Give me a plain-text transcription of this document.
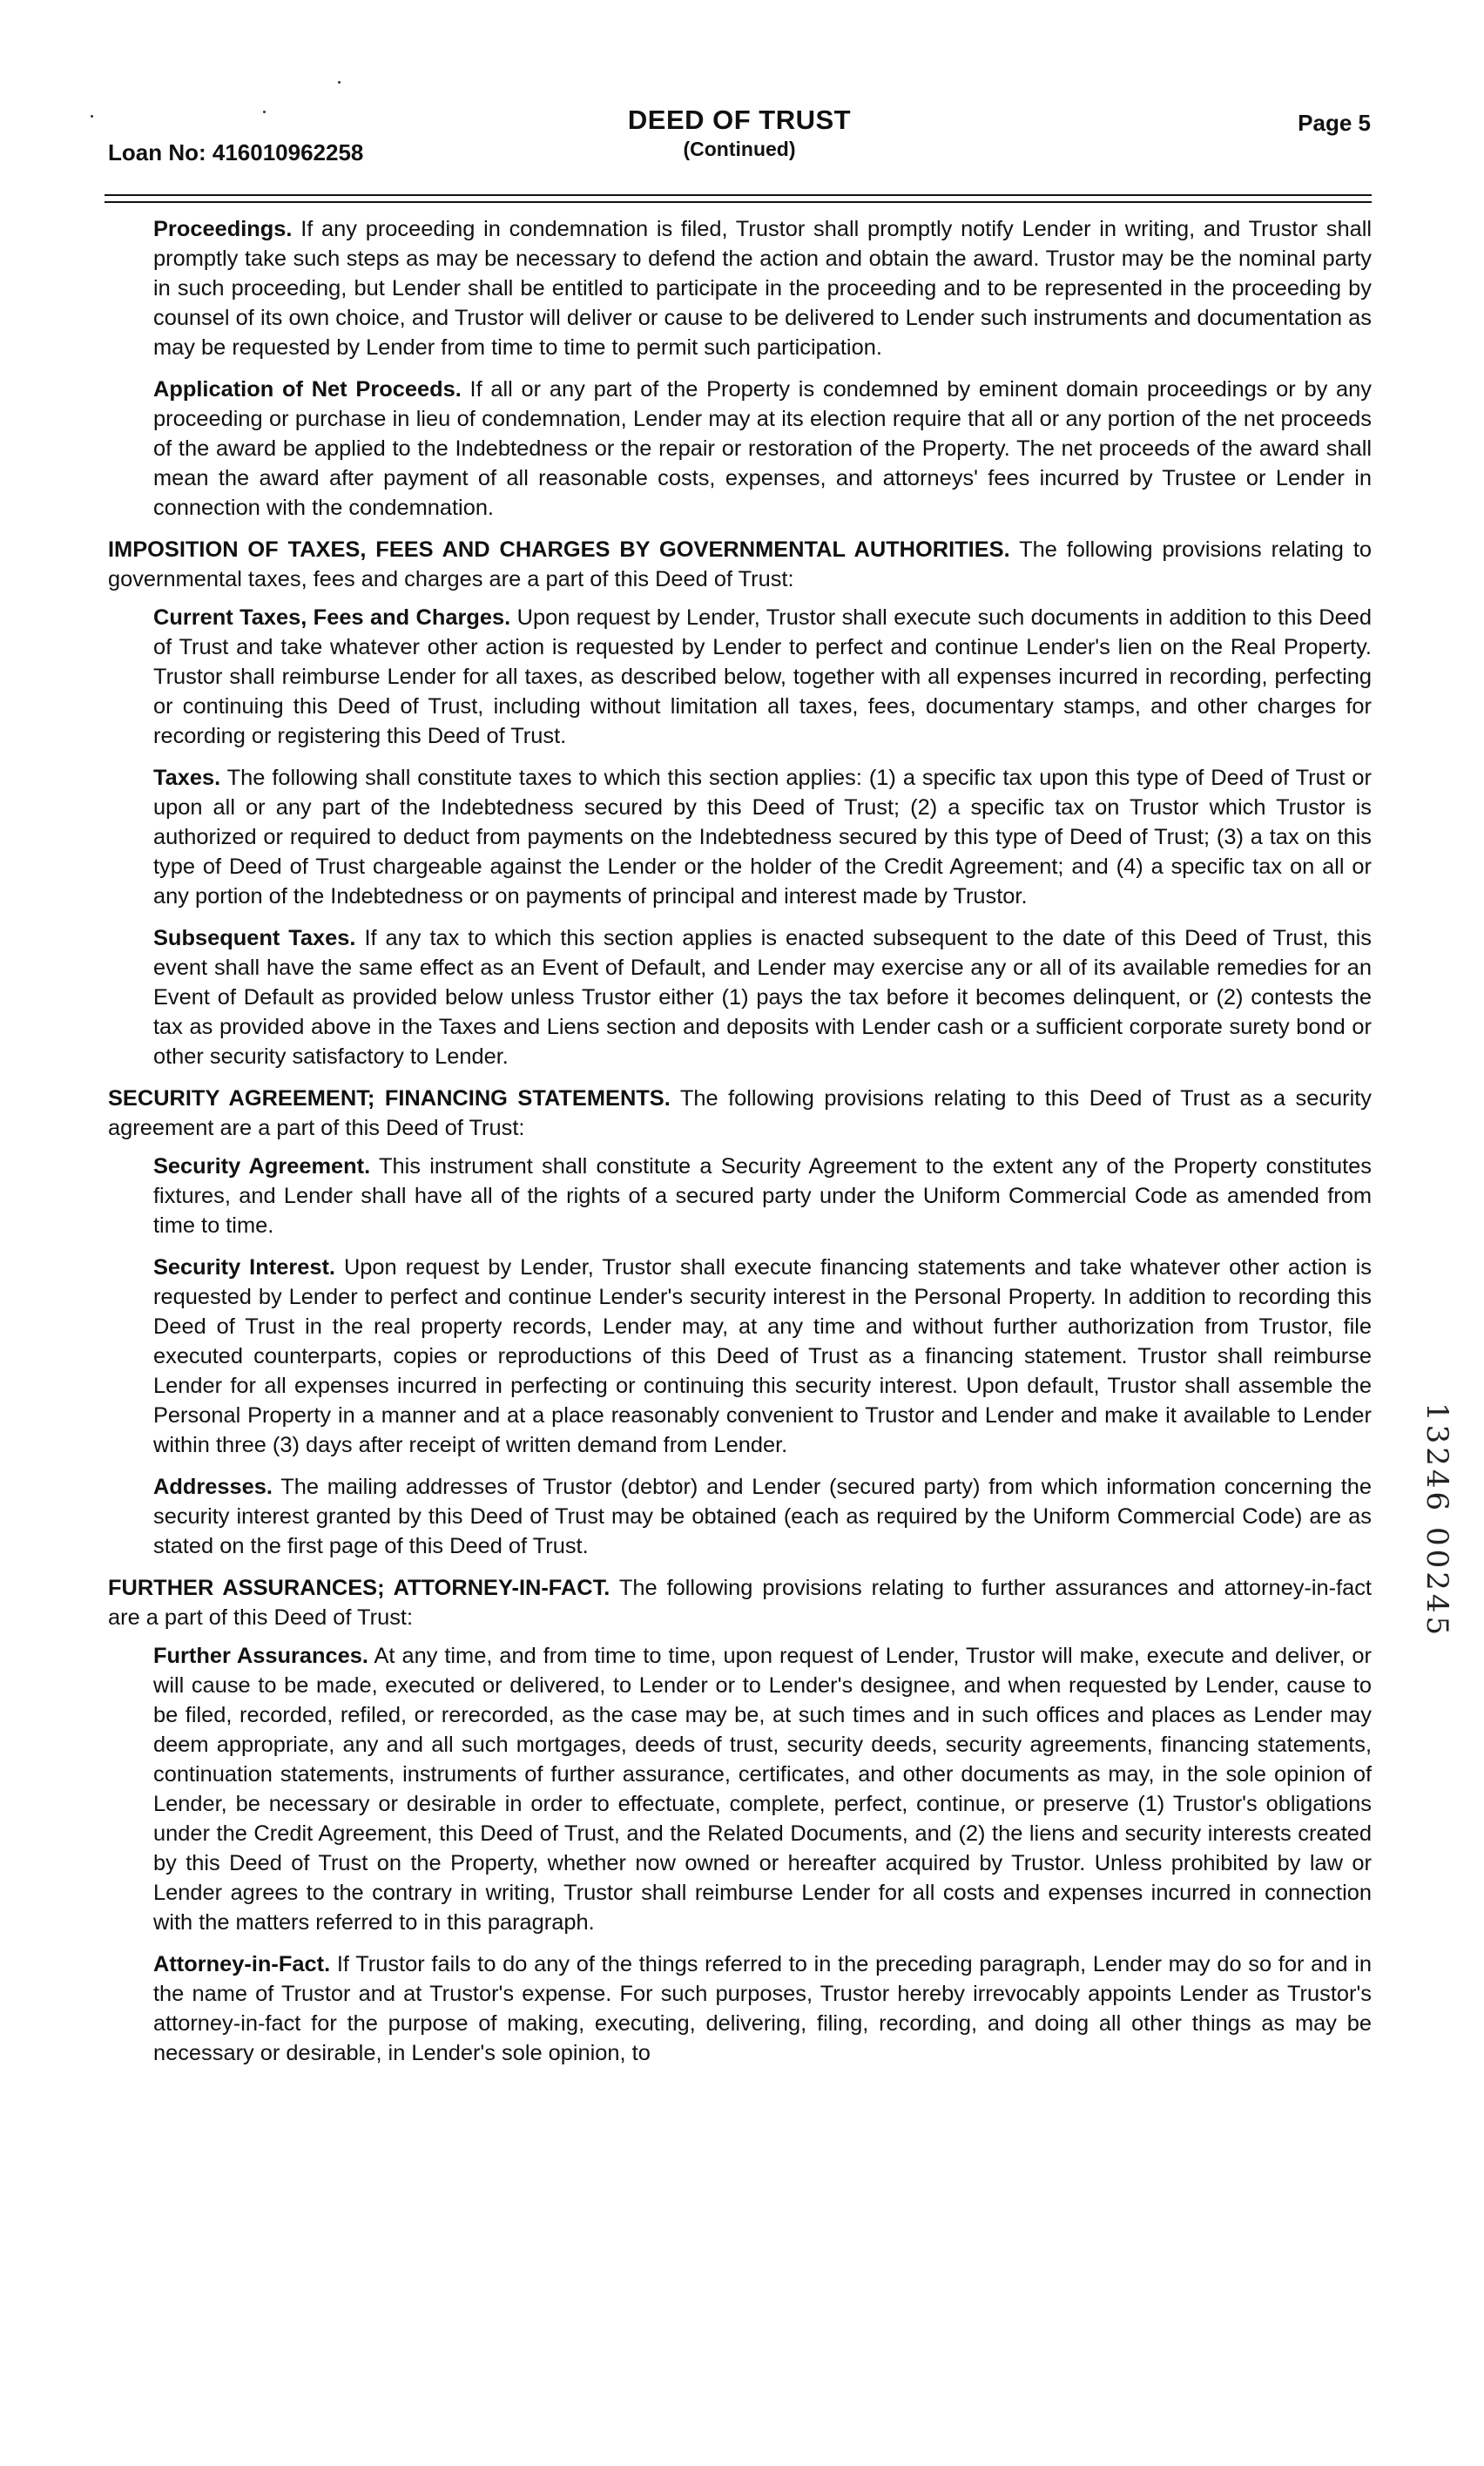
Loan No: 416010962258
DEED OF TRUST
(Continued)
Page 5

Proceedings. If any proceeding in condemnation is filed, Trustor shall promptly notify Lender in writing, and Trustor shall promptly take such steps as may be necessary to defend the action and obtain the award. Trustor may be the nominal party in such proceeding, but Lender shall be entitled to participate in the proceeding and to be represented in the proceeding by counsel of its own choice, and Trustor will deliver or cause to be delivered to Lender such instruments and documentation as may be requested by Lender from time to time to permit such participation.

Application of Net Proceeds. If all or any part of the Property is condemned by eminent domain proceedings or by any proceeding or purchase in lieu of condemnation, Lender may at its election require that all or any portion of the net proceeds of the award be applied to the Indebtedness or the repair or restoration of the Property. The net proceeds of the award shall mean the award after payment of all reasonable costs, expenses, and attorneys' fees incurred by Trustee or Lender in connection with the condemnation.

IMPOSITION OF TAXES, FEES AND CHARGES BY GOVERNMENTAL AUTHORITIES. The following provisions relating to governmental taxes, fees and charges are a part of this Deed of Trust:

Current Taxes, Fees and Charges. Upon request by Lender, Trustor shall execute such documents in addition to this Deed of Trust and take whatever other action is requested by Lender to perfect and continue Lender's lien on the Real Property. Trustor shall reimburse Lender for all taxes, as described below, together with all expenses incurred in recording, perfecting or continuing this Deed of Trust, including without limitation all taxes, fees, documentary stamps, and other charges for recording or registering this Deed of Trust.

Taxes. The following shall constitute taxes to which this section applies: (1) a specific tax upon this type of Deed of Trust or upon all or any part of the Indebtedness secured by this Deed of Trust; (2) a specific tax on Trustor which Trustor is authorized or required to deduct from payments on the Indebtedness secured by this type of Deed of Trust; (3) a tax on this type of Deed of Trust chargeable against the Lender or the holder of the Credit Agreement; and (4) a specific tax on all or any portion of the Indebtedness or on payments of principal and interest made by Trustor.

Subsequent Taxes. If any tax to which this section applies is enacted subsequent to the date of this Deed of Trust, this event shall have the same effect as an Event of Default, and Lender may exercise any or all of its available remedies for an Event of Default as provided below unless Trustor either (1) pays the tax before it becomes delinquent, or (2) contests the tax as provided above in the Taxes and Liens section and deposits with Lender cash or a sufficient corporate surety bond or other security satisfactory to Lender.

SECURITY AGREEMENT; FINANCING STATEMENTS. The following provisions relating to this Deed of Trust as a security agreement are a part of this Deed of Trust:

Security Agreement. This instrument shall constitute a Security Agreement to the extent any of the Property constitutes fixtures, and Lender shall have all of the rights of a secured party under the Uniform Commercial Code as amended from time to time.

Security Interest. Upon request by Lender, Trustor shall execute financing statements and take whatever other action is requested by Lender to perfect and continue Lender's security interest in the Personal Property. In addition to recording this Deed of Trust in the real property records, Lender may, at any time and without further authorization from Trustor, file executed counterparts, copies or reproductions of this Deed of Trust as a financing statement. Trustor shall reimburse Lender for all expenses incurred in perfecting or continuing this security interest. Upon default, Trustor shall assemble the Personal Property in a manner and at a place reasonably convenient to Trustor and Lender and make it available to Lender within three (3) days after receipt of written demand from Lender.

Addresses. The mailing addresses of Trustor (debtor) and Lender (secured party) from which information concerning the security interest granted by this Deed of Trust may be obtained (each as required by the Uniform Commercial Code) are as stated on the first page of this Deed of Trust.

FURTHER ASSURANCES; ATTORNEY-IN-FACT. The following provisions relating to further assurances and attorney-in-fact are a part of this Deed of Trust:

Further Assurances. At any time, and from time to time, upon request of Lender, Trustor will make, execute and deliver, or will cause to be made, executed or delivered, to Lender or to Lender's designee, and when requested by Lender, cause to be filed, recorded, refiled, or rerecorded, as the case may be, at such times and in such offices and places as Lender may deem appropriate, any and all such mortgages, deeds of trust, security deeds, security agreements, financing statements, continuation statements, instruments of further assurance, certificates, and other documents as may, in the sole opinion of Lender, be necessary or desirable in order to effectuate, complete, perfect, continue, or preserve (1) Trustor's obligations under the Credit Agreement, this Deed of Trust, and the Related Documents, and (2) the liens and security interests created by this Deed of Trust on the Property, whether now owned or hereafter acquired by Trustor. Unless prohibited by law or Lender agrees to the contrary in writing, Trustor shall reimburse Lender for all costs and expenses incurred in connection with the matters referred to in this paragraph.

Attorney-in-Fact. If Trustor fails to do any of the things referred to in the preceding paragraph, Lender may do so for and in the name of Trustor and at Trustor's expense. For such purposes, Trustor hereby irrevocably appoints Lender as Trustor's attorney-in-fact for the purpose of making, executing, delivering, filing, recording, and doing all other things as may be necessary or desirable, in Lender's sole opinion, to

13246 00245
